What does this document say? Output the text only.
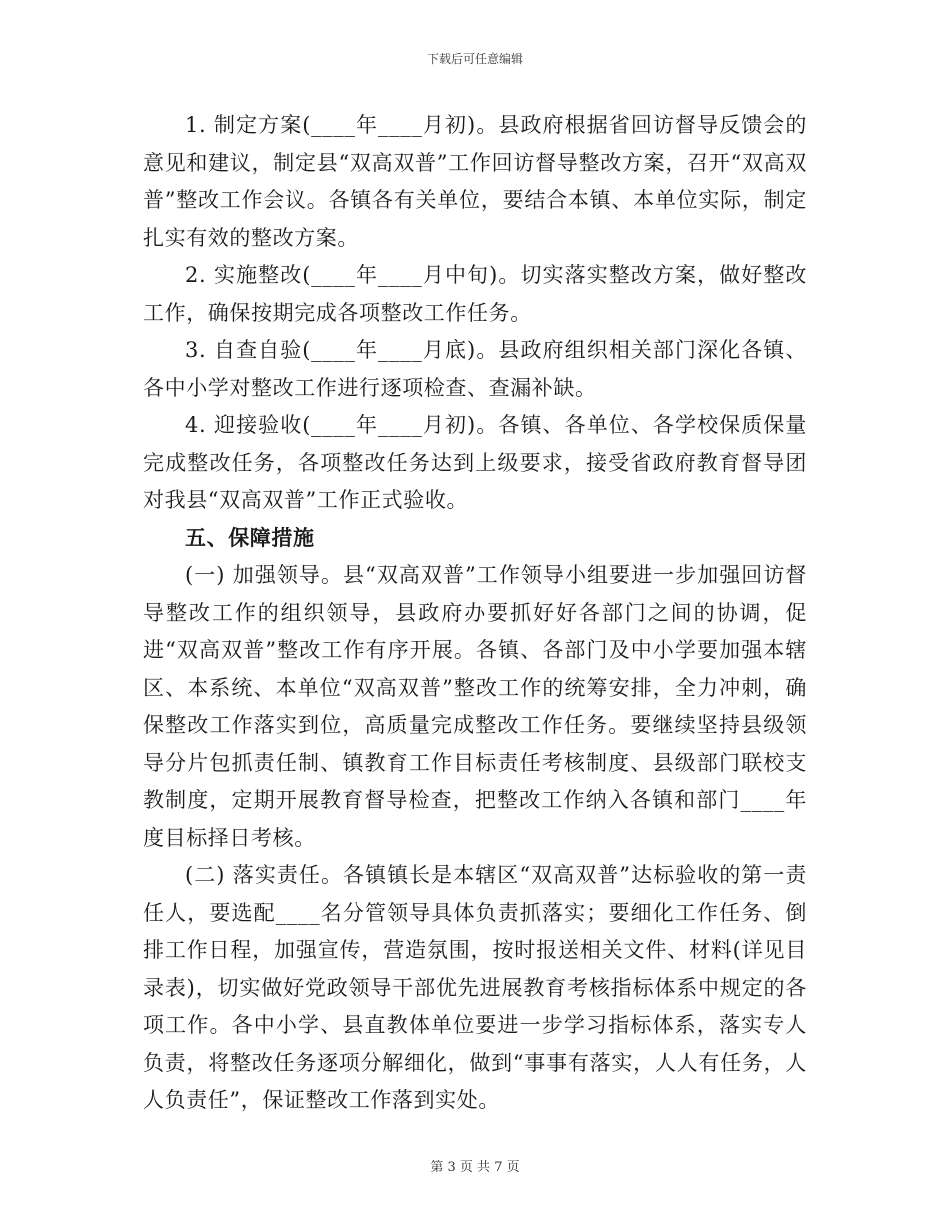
下载后可任意编辑

1. 制定方案(____年____月初)。县政府根据省回访督导反馈会的意见和建议，制定县“双高双普”工作回访督导整改方案，召开“双高双普”整改工作会议。各镇各有关单位，要结合本镇、本单位实际，制定扎实有效的整改方案。

2. 实施整改(____年____月中旬)。切实落实整改方案，做好整改工作，确保按期完成各项整改工作任务。

3. 自查自验(____年____月底)。县政府组织相关部门深化各镇、各中小学对整改工作进行逐项检查、查漏补缺。

4. 迎接验收(____年____月初)。各镇、各单位、各学校保质保量完成整改任务，各项整改任务达到上级要求，接受省政府教育督导团对我县“双高双普”工作正式验收。

五、保障措施

(一) 加强领导。县“双高双普”工作领导小组要进一步加强回访督导整改工作的组织领导，县政府办要抓好好各部门之间的协调，促进“双高双普”整改工作有序开展。各镇、各部门及中小学要加强本辖区、本系统、本单位“双高双普”整改工作的统筹安排，全力冲刺，确保整改工作落实到位，高质量完成整改工作任务。要继续坚持县级领导分片包抓责任制、镇教育工作目标责任考核制度、县级部门联校支教制度，定期开展教育督导检查，把整改工作纳入各镇和部门____年度目标择日考核。

(二) 落实责任。各镇镇长是本辖区“双高双普”达标验收的第一责任人，要选配____名分管领导具体负责抓落实；要细化工作任务、倒排工作日程，加强宣传，营造氛围，按时报送相关文件、材料(详见目录表)，切实做好党政领导干部优先进展教育考核指标体系中规定的各项工作。各中小学、县直教体单位要进一步学习指标体系，落实专人负责，将整改任务逐项分解细化，做到“事事有落实，人人有任务，人人负责任”，保证整改工作落到实处。

第 3 页 共 7 页
